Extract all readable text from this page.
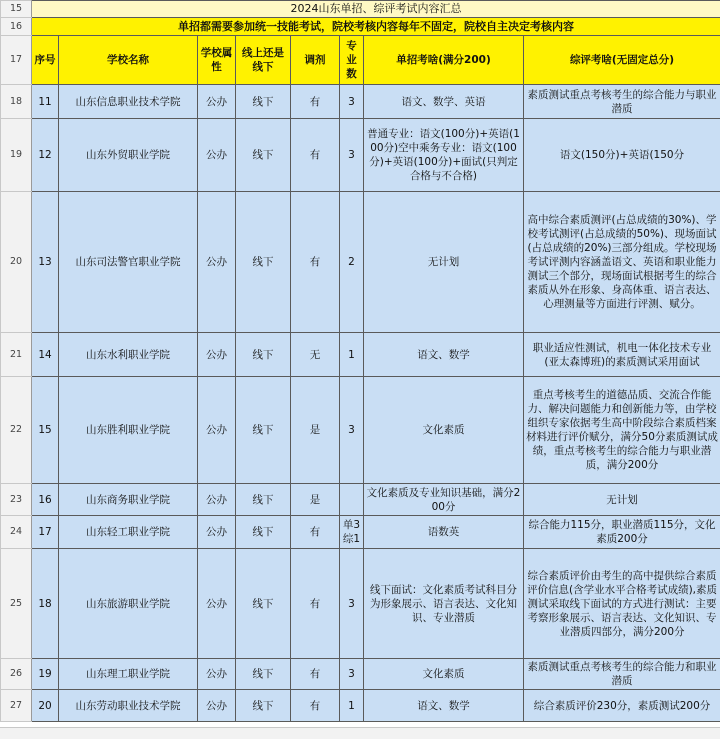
15	2024山东单招、综评考试内容汇总							
16	单招都需要参加统一技能考试，院校考核内容每年不固定，院校自主决定考核内容							
17	序号	学校名称	学校属性	线上还是线下	调剂	专业数	单招考啥(满分200)	综评考啥(无固定总分)
18	11	山东信息职业技术学院	公办	线下	有	3	语文、数学、英语	素质测试重点考核考生的综合能力与职业潜质
19	12	山东外贸职业学院	公办	线下	有	3	普通专业：语文(100分)+英语(100分)空中乘务专业：语文(100分)+英语(100分)+面试(只判定合格与不合格)	语文(150分)+英语(150分
20	13	山东司法警官职业学院	公办	线下	有	2	无计划	高中综合素质测评(占总成绩的30%)、学校考试测评(占总成绩的50%)、现场面试(占总成绩的20%)三部分组成。学校现场考试评测内容涵盖语文、英语和职业能力测试三个部分，现场面试根据考生的综合素质从外在形象、身高体重、语言表达、心理测量等方面进行评测、赋分。
21	14	山东水利职业学院	公办	线下	无	1	语文、数学	职业适应性测试，机电一体化技术专业(亚太森博班)的素质测试采用面试
22	15	山东胜利职业学院	公办	线下	是	3	文化素质	重点考核考生的道德品质、交流合作能力、解决问题能力和创新能力等，由学校组织专家依据考生高中阶段综合素质档案材料进行评价赋分，满分50分素质测试成绩，重点考核考生的综合能力与职业潜质，满分200分
23	16	山东商务职业学院	公办	线下	是		文化素质及专业知识基础，满分200分	无计划
24	17	山东轻工职业学院	公办	线下	有	单3综1	语数英	综合能力115分，职业潜质115分，文化素质200分
25	18	山东旅游职业学院	公办	线下	有	3	线下面试：文化素质考试科目分为形象展示、语言表达、文化知识、专业潜质	综合素质评价由考生的高中提供综合素质评价信息(含学业水平合格考试成绩),素质测试采取线下面试的方式进行测试：主要考察形象展示、语言表达、文化知识、专业潜质四部分，满分200分
26	19	山东理工职业学院	公办	线下	有	3	文化素质	素质测试重点考核考生的综合能力和职业潜质
27	20	山东劳动职业技术学院	公办	线下	有	1	语文、数学	综合素质评价230分，素质测试200分
